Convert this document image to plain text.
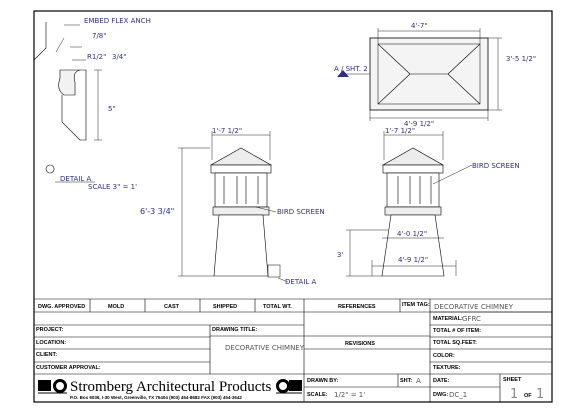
EMBED FLEX ANCH
7/8"
R1/2" 3/4"
5"
DETAIL A
SCALE 3" = 1'
4'-7"
3'-5 1/2"
A / SHT. 2
4'-9 1/2"
1'-7 1/2"
6'-3 3/4"	BIRD SCREEN
DETAIL A
1'-7 1/2"
BIRD SCREEN
4'-0 1/2"
4'-9 1/2"
3'
DWG. APPROVED	MOLD	CAST	SHIPPED	TOTAL WT.	REFERENCES	ITEM TAG: DECORATIVE CHIMNEY
MATERIAL: GFRC
PROJECT:
LOCATION:
CLIENT:
CUSTOMER APPROVAL:
DRAWING TITLE:
DECORATIVE CHIMNEY	REVISIONS
TOTAL # OF ITEM:
TOTAL SQ.FEET:
COLOR:
TEXTURE:
DRAWN BY:	SHT: A
SCALE: 1/2" = 1'
DATE:
DWG: DC_1
SHEET
1 OF 1
Stromberg Architectural Products
P.O. Box 6036, I-30 West, Greenville, TX 75404 (903) 454-8682 FAX (903) 454-3642
